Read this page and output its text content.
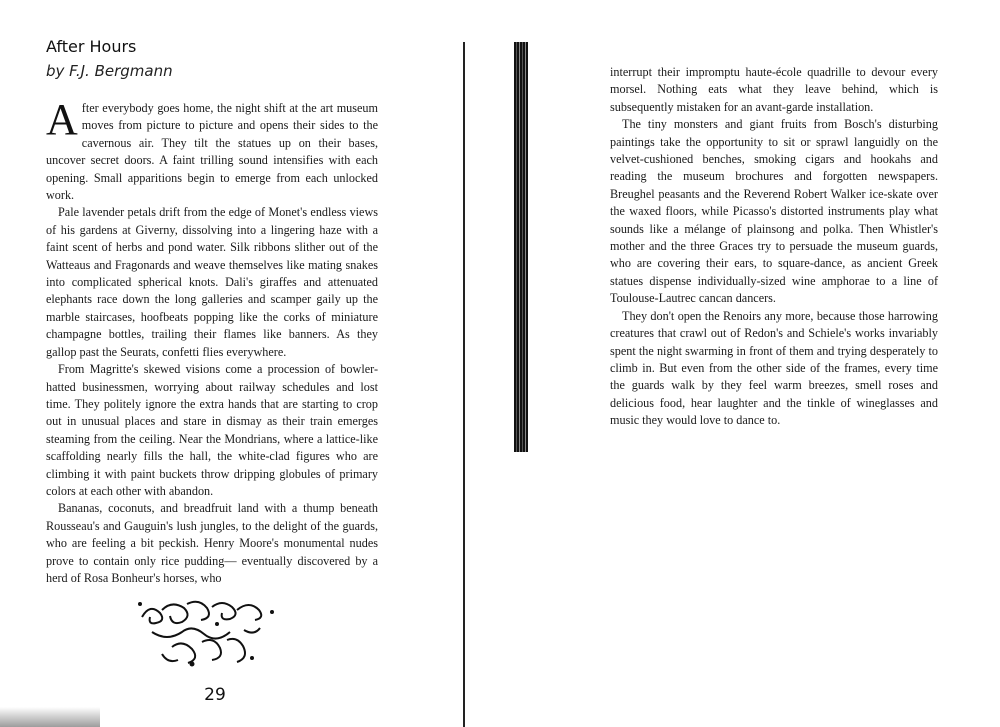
After Hours
by F.J. Bergmann

After everybody goes home, the night shift at the art museum moves from picture to picture and opens their sides to the cavernous air. They tilt the statues up on their bases, uncover secret doors. A faint trilling sound intensifies with each opening. Small apparitions begin to emerge from each unlocked work.

Pale lavender petals drift from the edge of Monet's endless views of his gardens at Giverny, dissolving into a lingering haze with a faint scent of herbs and pond water. Silk ribbons slither out of the Watteaus and Fragonards and weave themselves like mating snakes into complicated spherical knots. Dali's giraffes and attenuated elephants race down the long galleries and scamper gaily up the marble staircases, hoofbeats popping like the corks of miniature champagne bottles, trailing their flames like banners. As they gallop past the Seurats, confetti flies everywhere.

From Magritte's skewed visions come a procession of bowler-hatted businessmen, worrying about railway schedules and lost time. They politely ignore the extra hands that are starting to crop out in unusual places and stare in dismay as their train emerges steaming from the ceiling. Near the Mondrians, where a lattice-like scaffolding nearly fills the hall, the white-clad figures who are climbing it with paint buckets throw dripping globules of primary colors at each other with abandon.

Bananas, coconuts, and breadfruit land with a thump beneath Rousseau's and Gauguin's lush jungles, to the delight of the guards, who are feeling a bit peckish. Henry Moore's monumental nudes prove to contain only rice pudding— eventually discovered by a herd of Rosa Bonheur's horses, who

29

interrupt their impromptu haute-école quadrille to devour every morsel. Nothing eats what they leave behind, which is subsequently mistaken for an avant-garde installation.

The tiny monsters and giant fruits from Bosch's disturbing paintings take the opportunity to sit or sprawl languidly on the velvet-cushioned benches, smoking cigars and hookahs and reading the museum brochures and forgotten newspapers. Breughel peasants and the Reverend Robert Walker ice-skate over the waxed floors, while Picasso's distorted instruments play what sounds like a mélange of plainsong and polka. Then Whistler's mother and the three Graces try to persuade the museum guards, who are covering their ears, to square-dance, as ancient Greek statues dispense individually-sized wine amphorae to a line of Toulouse-Lautrec cancan dancers.

They don't open the Renoirs any more, because those harrowing creatures that crawl out of Redon's and Schiele's works invariably spent the night swarming in front of them and trying desperately to climb in. But even from the other side of the frames, every time the guards walk by they feel warm breezes, smell roses and delicious food, hear laughter and the tinkle of wineglasses and music they would love to dance to.
